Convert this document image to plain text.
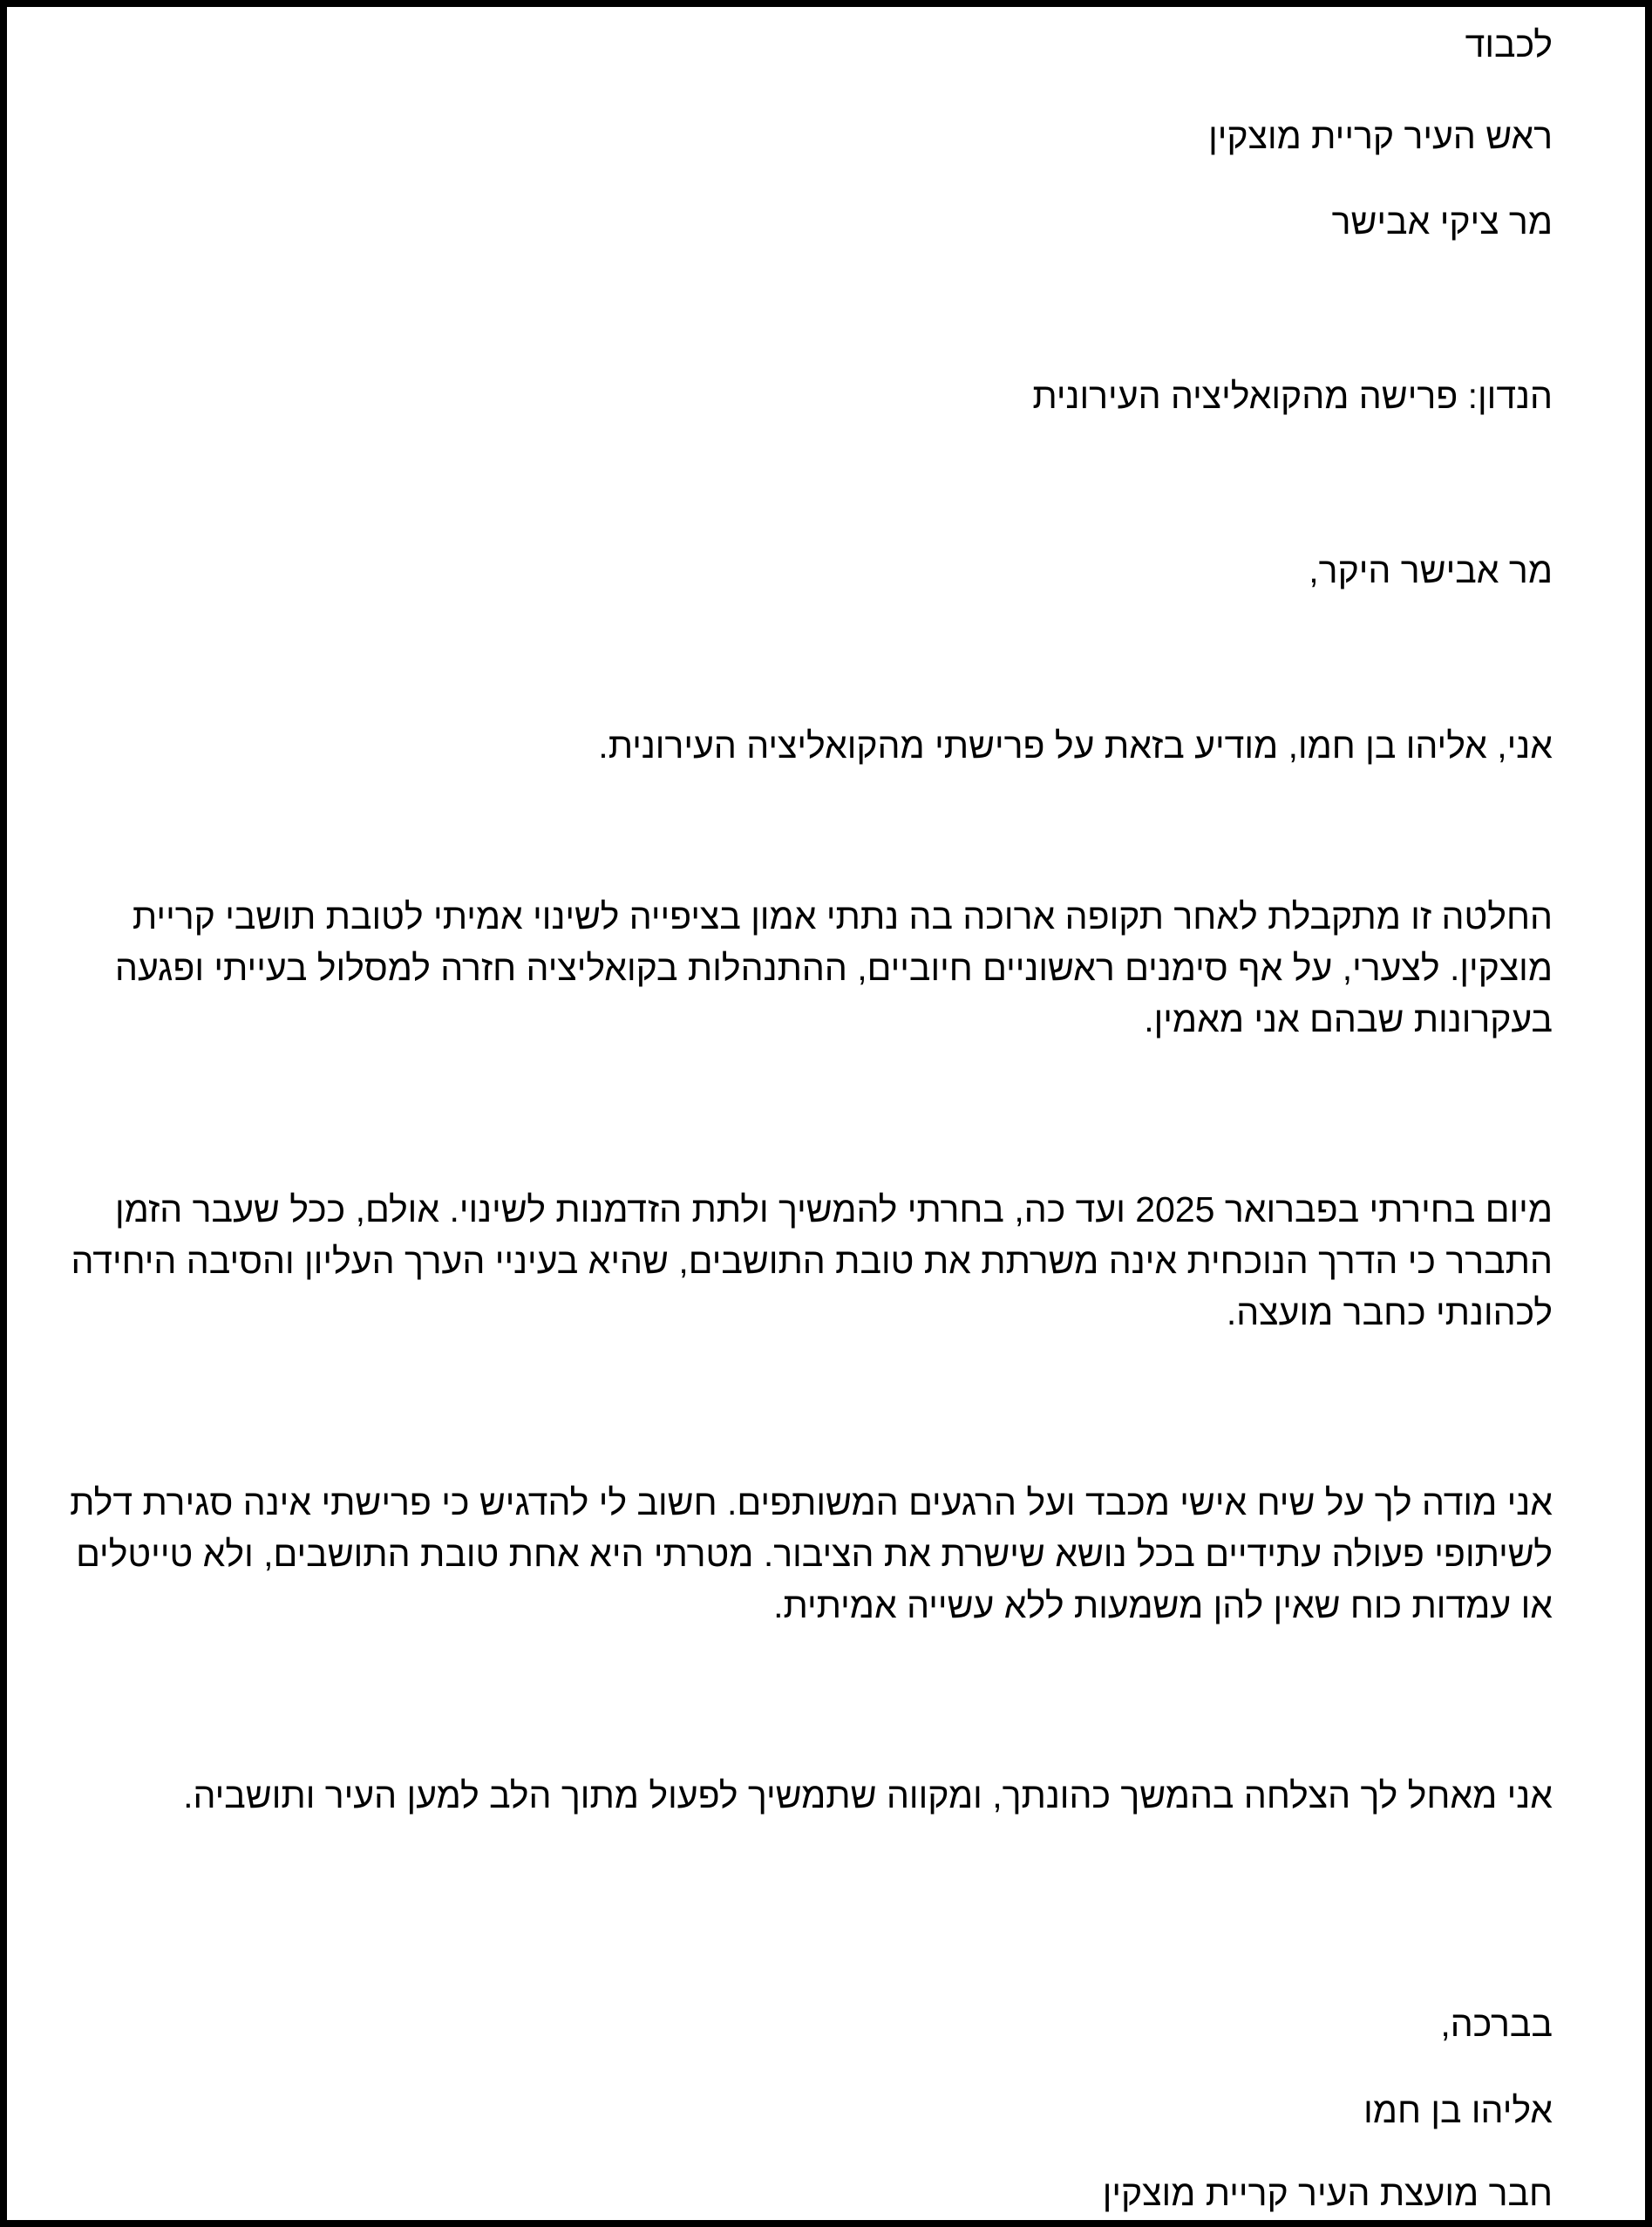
לכבוד

ראש העיר קריית מוצקין

מר ציקי אבישר

הנדון: פרישה מהקואליציה העירונית

מר אבישר היקר,

אני, אליהו בן חמו, מודיע בזאת על פרישתי מהקואליציה העירונית.

החלטה זו מתקבלת לאחר תקופה ארוכה בה נתתי אמון בציפייה לשינוי אמיתי לטובת תושבי קריית מוצקין. לצערי, על אף סימנים ראשוניים חיוביים, ההתנהלות בקואליציה חזרה למסלול בעייתי ופגעה בעקרונות שבהם אני מאמין.

מיום בחירתי בפברואר 2025 ועד כה, בחרתי להמשיך ולתת הזדמנות לשינוי. אולם, ככל שעבר הזמן התברר כי הדרך הנוכחית אינה משרתת את טובת התושבים, שהיא בעיניי הערך העליון והסיבה היחידה לכהונתי כחבר מועצה.

אני מודה לך על שיח אישי מכבד ועל הרגעים המשותפים. חשוב לי להדגיש כי פרישתי אינה סגירת דלת לשיתופי פעולה עתידיים בכל נושא שישרת את הציבור. מטרתי היא אחת טובת התושבים, ולא טייטלים או עמדות כוח שאין להן משמעות ללא עשייה אמיתית.

אני מאחל לך הצלחה בהמשך כהונתך, ומקווה שתמשיך לפעול מתוך הלב למען העיר ותושביה.

בברכה,

אליהו בן חמו

חבר מועצת העיר קריית מוצקין
